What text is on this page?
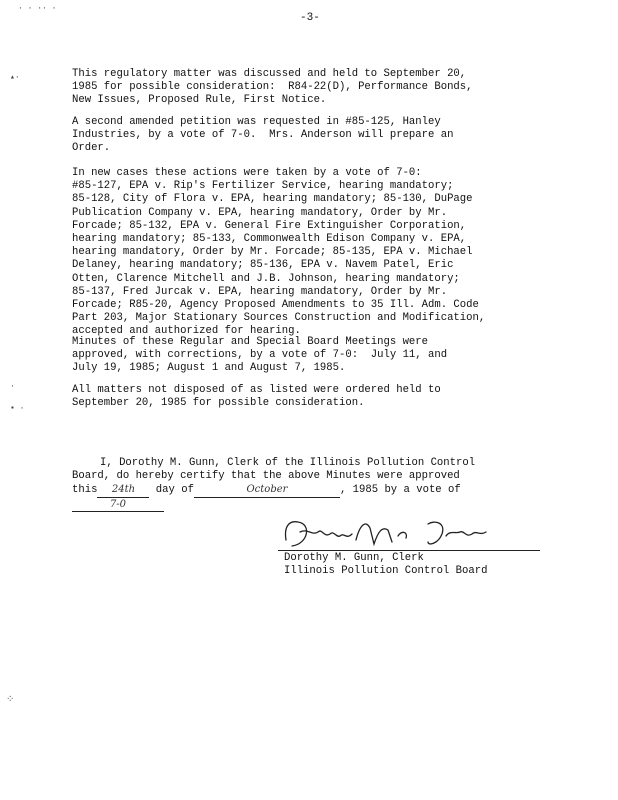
-3-
· · ·· ·
▴·
·
▪ ·
⁘
This regulatory matter was discussed and held to September 20,
1985 for possible consideration:  R84-22(D), Performance Bonds,
New Issues, Proposed Rule, First Notice.
A second amended petition was requested in #85-125, Hanley
Industries, by a vote of 7-0.  Mrs. Anderson will prepare an
Order.
In new cases these actions were taken by a vote of 7-0:
#85-127, EPA v. Rip's Fertilizer Service, hearing mandatory;
85-128, City of Flora v. EPA, hearing mandatory; 85-130, DuPage
Publication Company v. EPA, hearing mandatory, Order by Mr.
Forcade; 85-132, EPA v. General Fire Extinguisher Corporation,
hearing mandatory; 85-133, Commonwealth Edison Company v. EPA,
hearing mandatory, Order by Mr. Forcade; 85-135, EPA v. Michael
Delaney, hearing mandatory; 85-136, EPA v. Navem Patel, Eric
Otten, Clarence Mitchell and J.B. Johnson, hearing mandatory;
85-137, Fred Jurcak v. EPA, hearing mandatory, Order by Mr.
Forcade; R85-20, Agency Proposed Amendments to 35 Ill. Adm. Code
Part 203, Major Stationary Sources Construction and Modification,
accepted and authorized for hearing.
Minutes of these Regular and Special Board Meetings were
approved, with corrections, by a vote of 7-0:  July 11, and
July 19, 1985; August 1 and August 7, 1985.
All matters not disposed of as listed were ordered held to
September 20, 1985 for possible consideration.
I, Dorothy M. Gunn, Clerk of the Illinois Pollution Control
Board, do hereby certify that the above Minutes were approved
this 24th day of	October	, 1985 by a vote of
7-0
Dorothy M. Gunn, Clerk
Illinois Pollution Control Board
